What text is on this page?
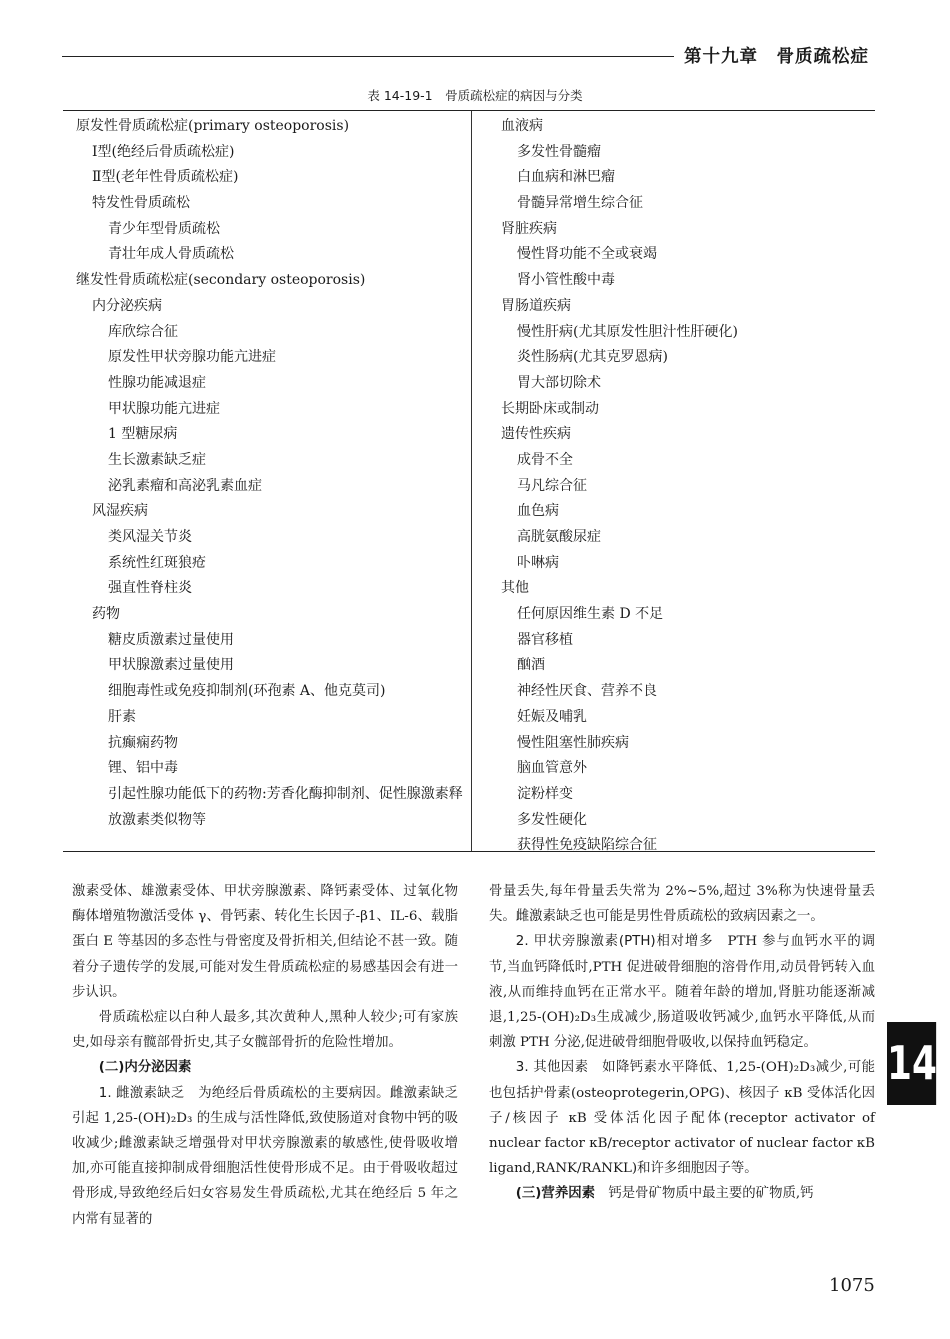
第十九章　骨质疏松症
表 14-19-1　骨质疏松症的病因与分类
原发性骨质疏松症(primary osteoporosis)
Ⅰ型(绝经后骨质疏松症)
Ⅱ型(老年性骨质疏松症)
特发性骨质疏松
青少年型骨质疏松
青壮年成人骨质疏松
继发性骨质疏松症(secondary osteoporosis)
内分泌疾病
库欣综合征
原发性甲状旁腺功能亢进症
性腺功能减退症
甲状腺功能亢进症
1 型糖尿病
生长激素缺乏症
泌乳素瘤和高泌乳素血症
风湿疾病
类风湿关节炎
系统性红斑狼疮
强直性脊柱炎
药物
糖皮质激素过量使用
甲状腺激素过量使用
细胞毒性或免疫抑制剂(环孢素 A、他克莫司)
肝素
抗癫痫药物
锂、铝中毒
引起性腺功能低下的药物:芳香化酶抑制剂、促性腺激素释放激素类似物等
血液病
多发性骨髓瘤
白血病和淋巴瘤
骨髓异常增生综合征
肾脏疾病
慢性肾功能不全或衰竭
肾小管性酸中毒
胃肠道疾病
慢性肝病(尤其原发性胆汁性肝硬化)
炎性肠病(尤其克罗恩病)
胃大部切除术
长期卧床或制动
遗传性疾病
成骨不全
马凡综合征
血色病
高胱氨酸尿症
卟啉病
其他
任何原因维生素 D 不足
器官移植
酗酒
神经性厌食、营养不良
妊娠及哺乳
慢性阻塞性肺疾病
脑血管意外
淀粉样变
多发性硬化
获得性免疫缺陷综合征

激素受体、雄激素受体、甲状旁腺激素、降钙素受体、过氧化物酶体增殖物激活受体 γ、骨钙素、转化生长因子-β1、IL-6、载脂蛋白 E 等基因的多态性与骨密度及骨折相关,但结论不甚一致。随着分子遗传学的发展,可能对发生骨质疏松症的易感基因会有进一步认识。

骨质疏松症以白种人最多,其次黄种人,黑种人较少;可有家族史,如母亲有髋部骨折史,其子女髋部骨折的危险性增加。

(二)内分泌因素

1. 雌激素缺乏　为绝经后骨质疏松的主要病因。雌激素缺乏引起 1,25-(OH)₂D₃ 的生成与活性降低,致使肠道对食物中钙的吸收减少;雌激素缺乏增强骨对甲状旁腺激素的敏感性,使骨吸收增加,亦可能直接抑制成骨细胞活性使骨形成不足。由于骨吸收超过骨形成,导致绝经后妇女容易发生骨质疏松,尤其在绝经后 5 年之内常有显著的

骨量丢失,每年骨量丢失常为 2%~5%,超过 3%称为快速骨量丢失。雌激素缺乏也可能是男性骨质疏松的致病因素之一。

2. 甲状旁腺激素(PTH)相对增多　PTH 参与血钙水平的调节,当血钙降低时,PTH 促进破骨细胞的溶骨作用,动员骨钙转入血液,从而维持血钙在正常水平。随着年龄的增加,肾脏功能逐渐减退,1,25-(OH)₂D₃生成减少,肠道吸收钙减少,血钙水平降低,从而刺激 PTH 分泌,促进破骨细胞骨吸收,以保持血钙稳定。

3. 其他因素　如降钙素水平降低、1,25-(OH)₂D₃减少,可能也包括护骨素(osteoprotegerin,OPG)、核因子 κB 受体活化因子/核因子 κB 受体活化因子配体(receptor activator of nuclear factor κB/receptor activator of nuclear factor κB ligand,RANK/RANKL)和许多细胞因子等。

(三)营养因素　钙是骨矿物质中最主要的矿物质,钙

14
1075
